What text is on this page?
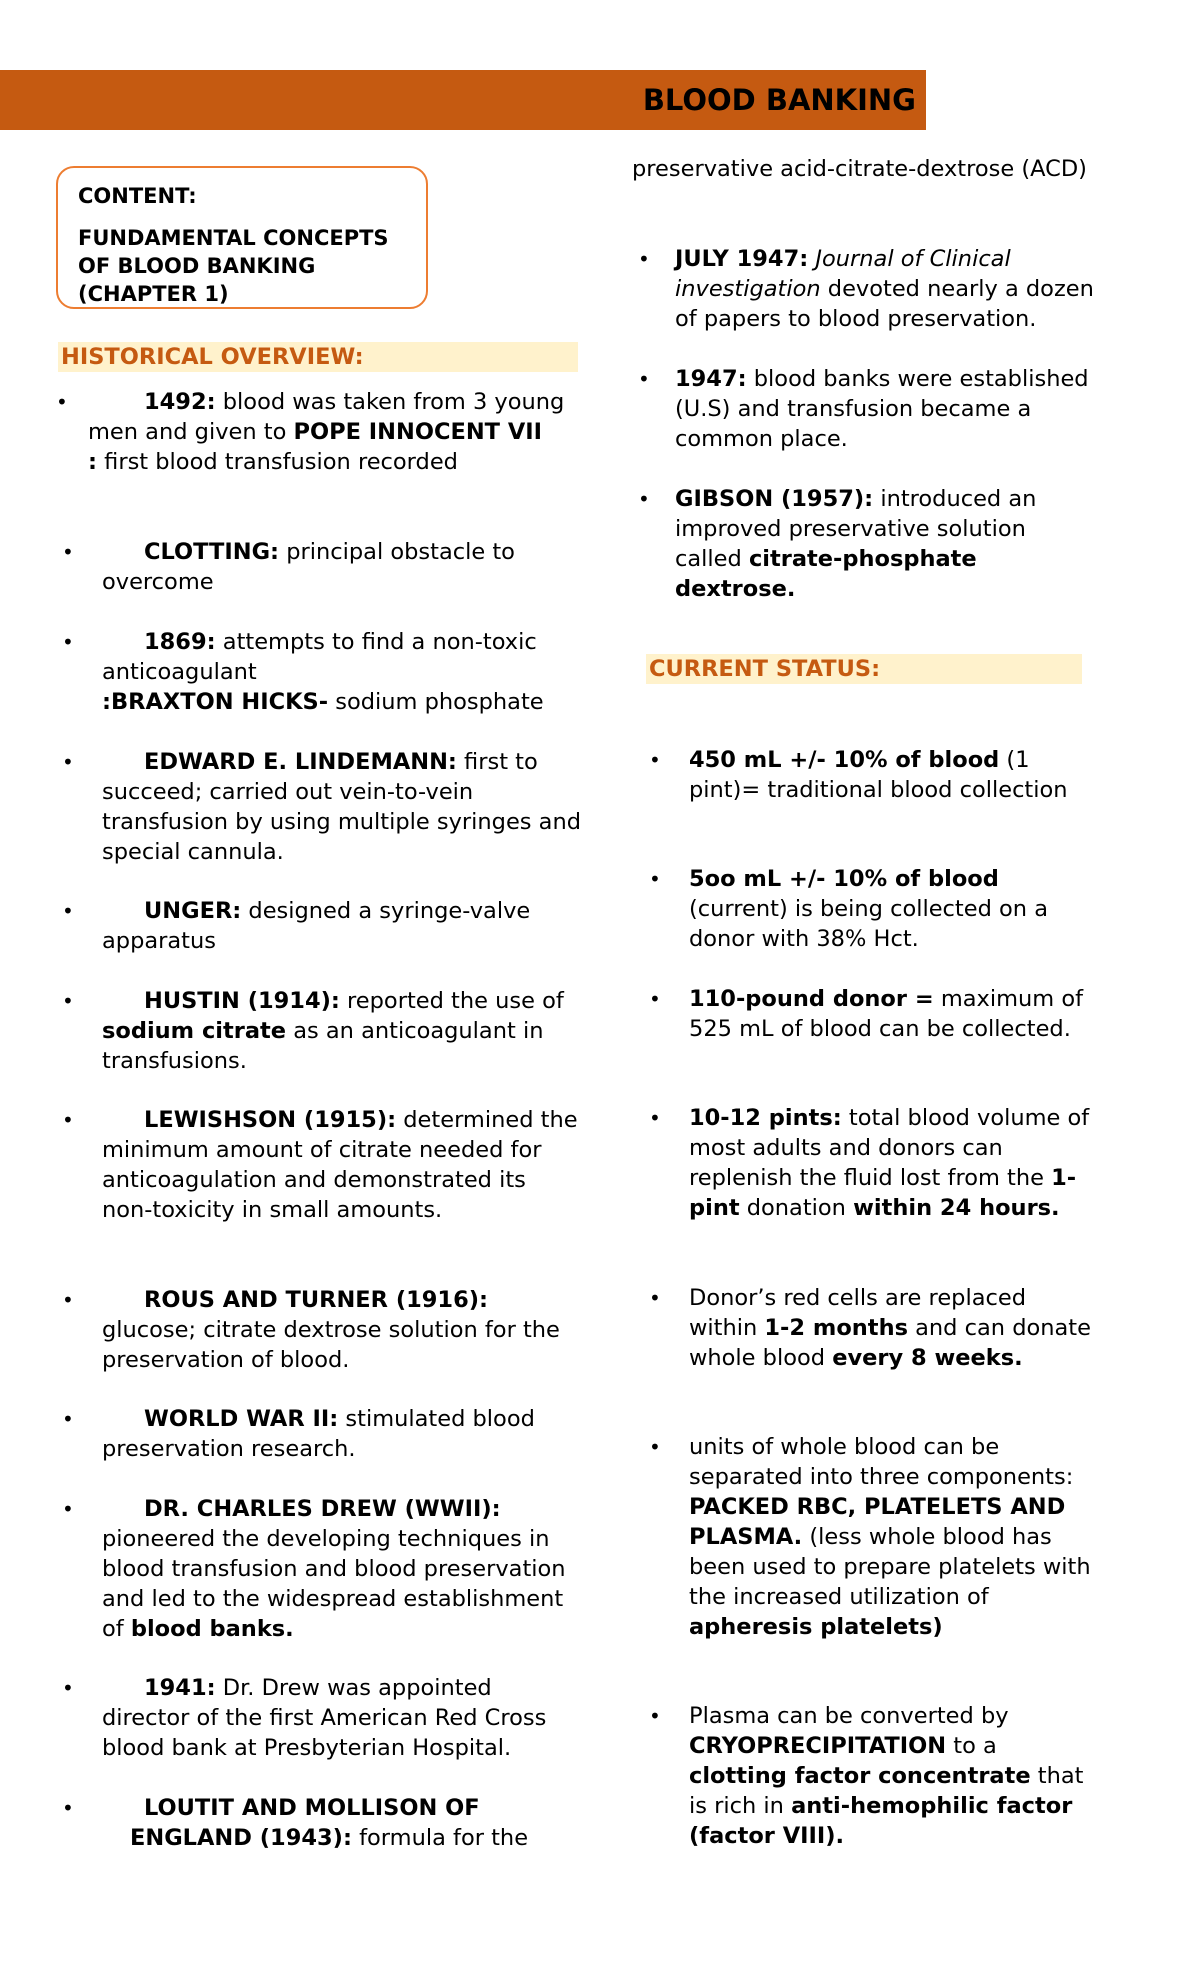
BLOOD BANKING
CONTENT:
FUNDAMENTAL CONCEPTS OF BLOOD BANKING (CHAPTER 1)
HISTORICAL OVERVIEW:
•	1492: blood was taken from 3 young men and given to POPE INNOCENT VII
: first blood transfusion recorded
•	CLOTTING: principal obstacle to overcome
•	1869: attempts to find a non-toxic anticoagulant
:BRAXTON HICKS- sodium phosphate
•	EDWARD E. LINDEMANN: first to succeed; carried out vein-to-vein transfusion by using multiple syringes and special cannula.
•	UNGER: designed a syringe-valve apparatus
•	HUSTIN (1914): reported the use of sodium citrate as an anticoagulant in transfusions.
•	LEWISHSON (1915): determined the minimum amount of citrate needed for anticoagulation and demonstrated its non-toxicity in small amounts.
•	ROUS AND TURNER (1916): glucose; citrate dextrose solution for the preservation of blood.
•	WORLD WAR II: stimulated blood preservation research.
•	DR. CHARLES DREW (WWII): pioneered the developing techniques in blood transfusion and blood preservation and led to the widespread establishment of blood banks.
•	1941: Dr. Drew was appointed director of the first American Red Cross blood bank at Presbyterian Hospital.
•	LOUTIT AND MOLLISON OF ENGLAND (1943): formula for the
preservative acid-citrate-dextrose (ACD)
• JULY 1947: Journal of Clinical investigation devoted nearly a dozen of papers to blood preservation.
• 1947: blood banks were established (U.S) and transfusion became a common place.
• GIBSON (1957): introduced an improved preservative solution called citrate-phosphate dextrose.
CURRENT STATUS:
• 450 mL +/- 10% of blood (1 pint)= traditional blood collection
• 5oo mL +/- 10% of blood (current) is being collected on a donor with 38% Hct.
• 110-pound donor = maximum of 525 mL of blood can be collected.
• 10-12 pints: total blood volume of most adults and donors can replenish the fluid lost from the 1-pint donation within 24 hours.
• Donor’s red cells are replaced within 1-2 months and can donate whole blood every 8 weeks.
• units of whole blood can be separated into three components: PACKED RBC, PLATELETS AND PLASMA. (less whole blood has been used to prepare platelets with the increased utilization of apheresis platelets)
• Plasma can be converted by CRYOPRECIPITATION to a clotting factor concentrate that is rich in anti-hemophilic factor (factor VIII).
